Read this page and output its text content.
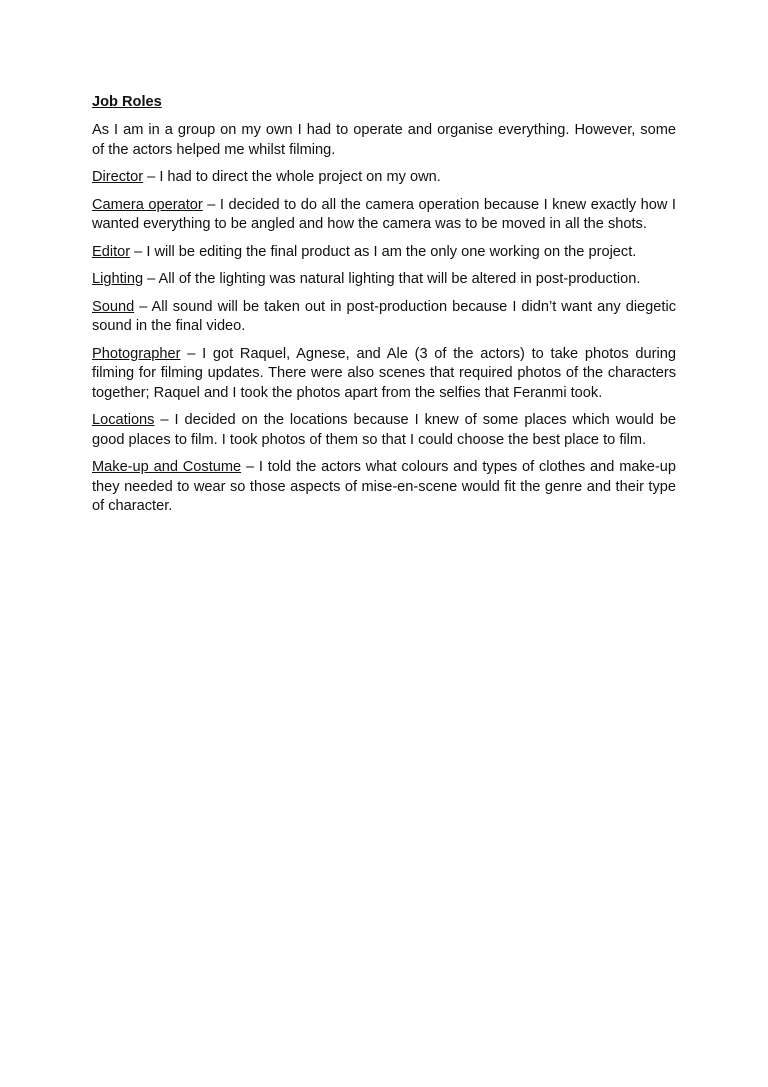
Job Roles

As I am in a group on my own I had to operate and organise everything. However, some of the actors helped me whilst filming.

Director – I had to direct the whole project on my own.

Camera operator – I decided to do all the camera operation because I knew exactly how I wanted everything to be angled and how the camera was to be moved in all the shots.

Editor – I will be editing the final product as I am the only one working on the project.

Lighting – All of the lighting was natural lighting that will be altered in post-production.

Sound – All sound will be taken out in post-production because I didn’t want any diegetic sound in the final video.

Photographer – I got Raquel, Agnese, and Ale (3 of the actors) to take photos during filming for filming updates. There were also scenes that required photos of the characters together; Raquel and I took the photos apart from the selfies that Feranmi took.

Locations – I decided on the locations because I knew of some places which would be good places to film. I took photos of them so that I could choose the best place to film.

Make-up and Costume – I told the actors what colours and types of clothes and make-up they needed to wear so those aspects of mise-en-scene would fit the genre and their type of character.
